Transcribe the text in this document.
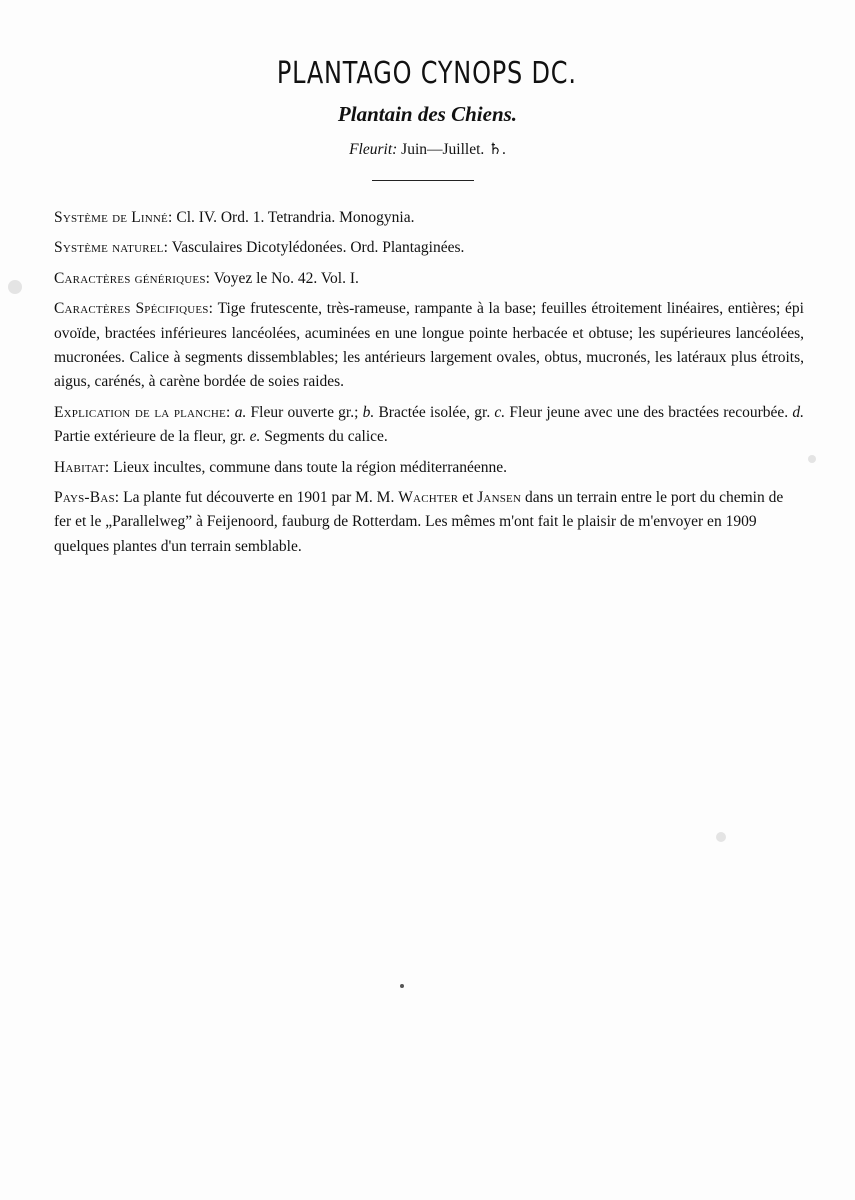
PLANTAGO CYNOPS DC.
Plantain des Chiens.
Fleurit: Juin—Juillet. ♄.

Système de Linné: Cl. IV. Ord. 1. Tetrandria. Monogynia.

Système naturel: Vasculaires Dicotylédonées. Ord. Plantaginées.

Caractères génériques: Voyez le No. 42. Vol. I.

Caractères Spécifiques: Tige frutescente, très-rameuse, rampante à la base; feuilles étroitement linéaires, entières; épi ovoïde, bractées inférieures lancéolées, acuminées en une longue pointe herbacée et obtuse; les supérieures lancéolées, mucronées. Calice à segments dissemblables; les antérieurs largement ovales, obtus, mucronés, les latéraux plus étroits, aigus, carénés, à carène bordée de soies raides.

Explication de la planche: a. Fleur ouverte gr.; b. Bractée isolée, gr. c. Fleur jeune avec une des bractées recourbée. d. Partie extérieure de la fleur, gr. e. Segments du calice.

Habitat: Lieux incultes, commune dans toute la région méditerranéenne.

Pays-Bas: La plante fut découverte en 1901 par M. M. Wachter et Jansen dans un terrain entre le port du chemin de fer et le „Parallelweg” à Feijenoord, fauburg de Rotterdam. Les mêmes m'ont fait le plaisir de m'envoyer en 1909 quelques plantes d'un terrain semblable.
